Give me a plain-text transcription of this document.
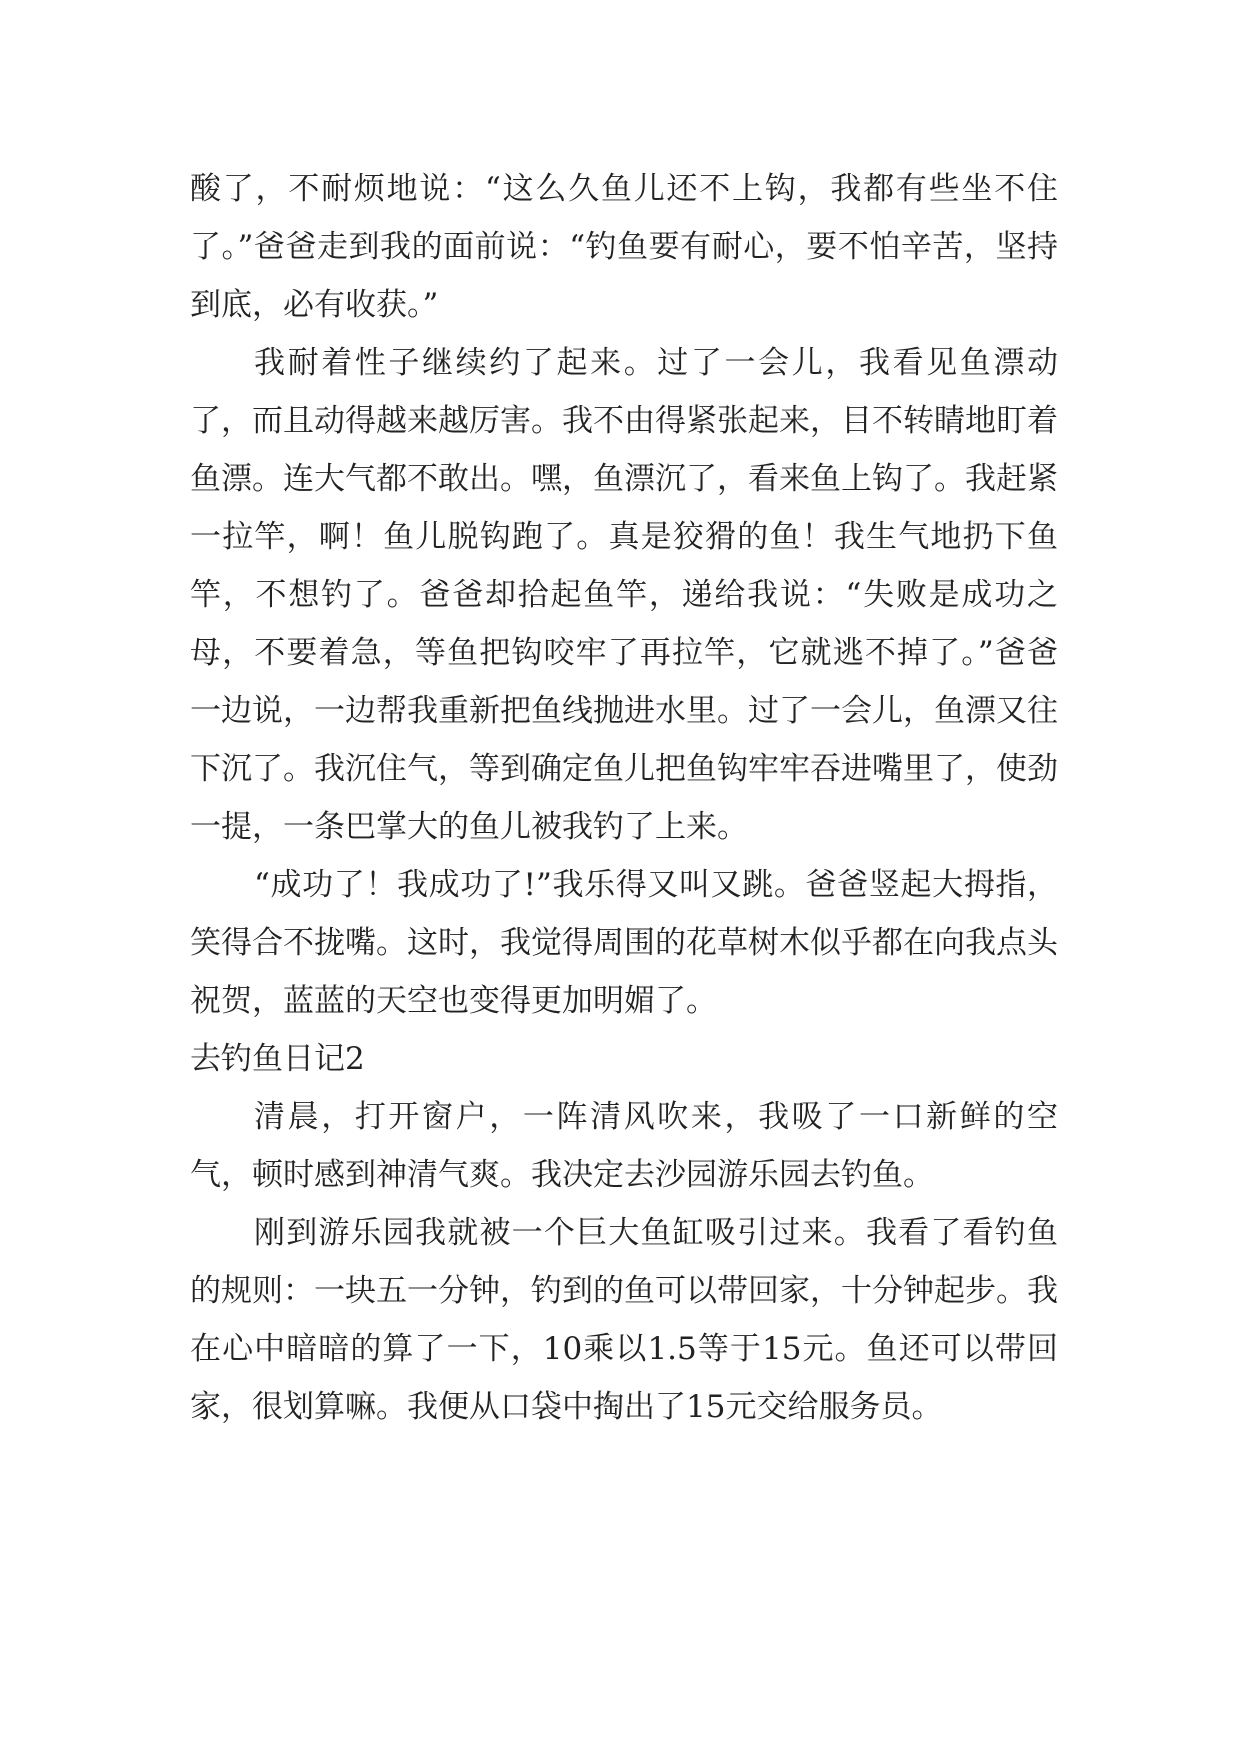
酸了，不耐烦地说：“这么久鱼儿还不上钩，我都有些坐不住了。”爸爸走到我的面前说：“钓鱼要有耐心，要不怕辛苦，坚持到底，必有收获。”

我耐着性子继续约了起来。过了一会儿，我看见鱼漂动了，而且动得越来越厉害。我不由得紧张起来，目不转睛地盯着鱼漂。连大气都不敢出。嘿，鱼漂沉了，看来鱼上钩了。我赶紧一拉竿，啊！鱼儿脱钩跑了。真是狡猾的鱼！我生气地扔下鱼竿，不想钓了。爸爸却拾起鱼竿，递给我说：“失败是成功之母，不要着急，等鱼把钩咬牢了再拉竿，它就逃不掉了。”爸爸一边说，一边帮我重新把鱼线抛进水里。过了一会儿，鱼漂又往下沉了。我沉住气，等到确定鱼儿把鱼钩牢牢吞进嘴里了，使劲一提，一条巴掌大的鱼儿被我钓了上来。

“成功了！我成功了!”我乐得又叫又跳。爸爸竖起大拇指，笑得合不拢嘴。这时，我觉得周围的花草树木似乎都在向我点头祝贺，蓝蓝的天空也变得更加明媚了。

去钓鱼日记2

清晨，打开窗户，一阵清风吹来，我吸了一口新鲜的空气，顿时感到神清气爽。我决定去沙园游乐园去钓鱼。

刚到游乐园我就被一个巨大鱼缸吸引过来。我看了看钓鱼的规则：一块五一分钟，钓到的鱼可以带回家，十分钟起步。我在心中暗暗的算了一下，10乘以1.5等于15元。鱼还可以带回家，很划算嘛。我便从口袋中掏出了15元交给服务员。
